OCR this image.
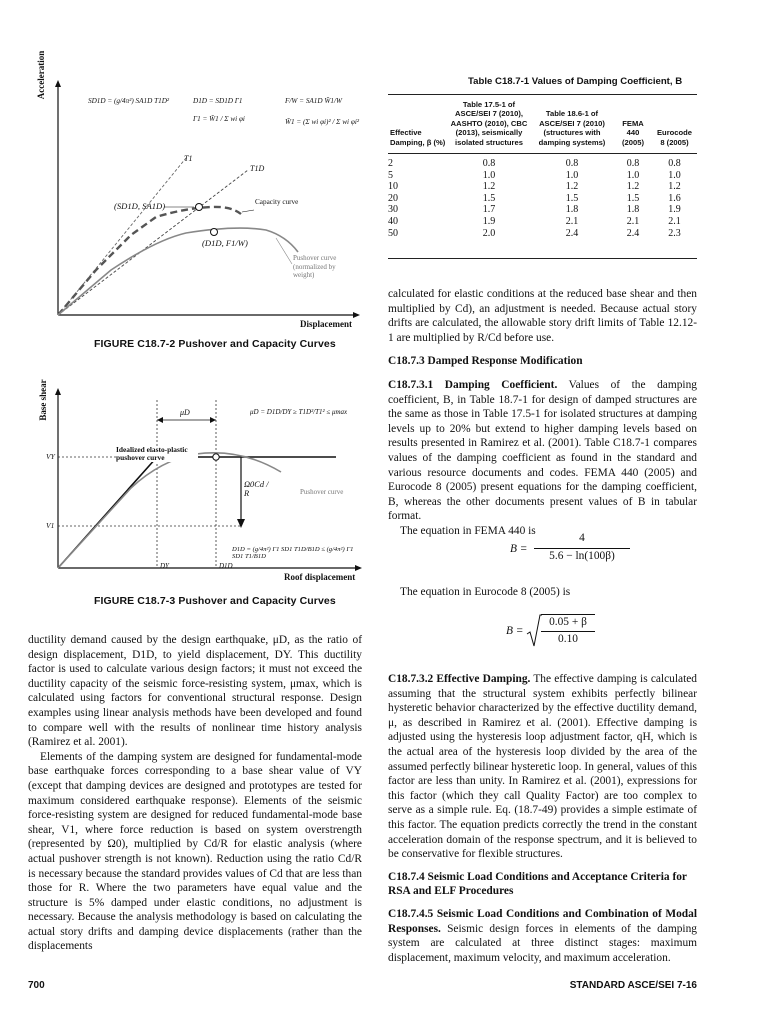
Acceleration
Displacement
SD1D = (g/4π²) SA1D T1D²	D1D = SD1D Γ1
Γ1 = W̄1 / Σ wi φi
F/W = SA1D W̄1/W
W̄1 = (Σ wi φi)² / Σ wi φi²
T1
T1D
(SD1D, SA1D)
(D1D, F1/W)
Capacity curve
Pushover curve (normalized by weight)
FIGURE C18.7-2 Pushover and Capacity Curves
Base shear
Roof displacement
μD	μD = D1D/DY ≥ T1D²/T1² ≤ μmax
Idealized elasto-plastic pushover curve
VY
V1
Ω0Cd / R	Pushover curve
DY	D1D
D1D = (g/4π²) Γ1 SD1 T1D/B1D ≤ (g/4π²) Γ1 SD1 T1/B1D
FIGURE C18.7-3 Pushover and Capacity Curves

ductility demand caused by the design earthquake, μD, as the ratio of design displacement, D1D, to yield displacement, DY. This ductility factor is used to calculate various design factors; it must not exceed the ductility capacity of the seismic force-resisting system, μmax, which is calculated using factors for conventional structural response. Design examples using linear analysis methods have been developed and found to compare well with the results of nonlinear time history analysis (Ramirez et al. 2001).

Elements of the damping system are designed for fundamental-mode base earthquake forces corresponding to a base shear value of VY (except that damping devices are designed and prototypes are tested for maximum considered earthquake response). Elements of the seismic force-resisting system are designed for reduced fundamental-mode base shear, V1, where force reduction is based on system overstrength (represented by Ω0), multiplied by Cd/R for elastic analysis (where actual pushover strength is not known). Reduction using the ratio Cd/R is necessary because the standard provides values of Cd that are less than those for R. Where the two parameters have equal value and the structure is 5% damped under elastic conditions, no adjustment is necessary. Because the analysis methodology is based on calculating the actual story drifts and damping device displacements (rather than the displacements

Table C18.7-1 Values of Damping Coefficient, B
Effective Damping, β (%)	Table 17.5-1 of ASCE/SEI 7 (2010), AASHTO (2010), CBC (2013), seismically isolated structures	Table 18.6-1 of ASCE/SEI 7 (2010) (structures with damping systems)	FEMA 440 (2005)	Eurocode 8 (2005)
2	0.8	0.8	0.8	0.8
5	1.0	1.0	1.0	1.0
10	1.2	1.2	1.2	1.2
20	1.5	1.5	1.5	1.6
30	1.7	1.8	1.8	1.9
40	1.9	2.1	2.1	2.1
50	2.0	2.4	2.4	2.3

calculated for elastic conditions at the reduced base shear and then multiplied by Cd), an adjustment is needed. Because actual story drifts are calculated, the allowable story drift limits of Table 12.12-1 are multiplied by R/Cd before use.

C18.7.3 Damped Response Modification

C18.7.3.1 Damping Coefficient. Values of the damping coefficient, B, in Table 18.7-1 for design of damped structures are the same as those in Table 17.5-1 for isolated structures at damping levels up to 20% but extend to higher damping levels based on results presented in Ramirez et al. (2001). Table C18.7-1 compares values of the damping coefficient as found in the standard and various resource documents and codes. FEMA 440 (2005) and Eurocode 8 (2005) present equations for the damping coefficient, B, whereas the other documents present values of B in tabular format.

The equation in FEMA 440 is

B =
4
5.6 − ln(100β)

The equation in Eurocode 8 (2005) is

B =
0.05 + β
0.10

C18.7.3.2 Effective Damping. The effective damping is calculated assuming that the structural system exhibits perfectly bilinear hysteretic behavior characterized by the effective ductility demand, μ, as described in Ramirez et al. (2001). Effective damping is adjusted using the hysteresis loop adjustment factor, qH, which is the actual area of the hysteresis loop divided by the area of the assumed perfectly bilinear hysteretic loop. In general, values of this factor are less than unity. In Ramirez et al. (2001), expressions for this factor (which they call Quality Factor) are too complex to serve as a simple rule. Eq. (18.7-49) provides a simple estimate of this factor. The equation predicts correctly the trend in the constant acceleration domain of the response spectrum, and it is believed to be conservative for flexible structures.

C18.7.4 Seismic Load Conditions and Acceptance Criteria for RSA and ELF Procedures

C18.7.4.5 Seismic Load Conditions and Combination of Modal Responses. Seismic design forces in elements of the damping system are calculated at three distinct stages: maximum displacement, maximum velocity, and maximum acceleration.

700	STANDARD ASCE/SEI 7-16
